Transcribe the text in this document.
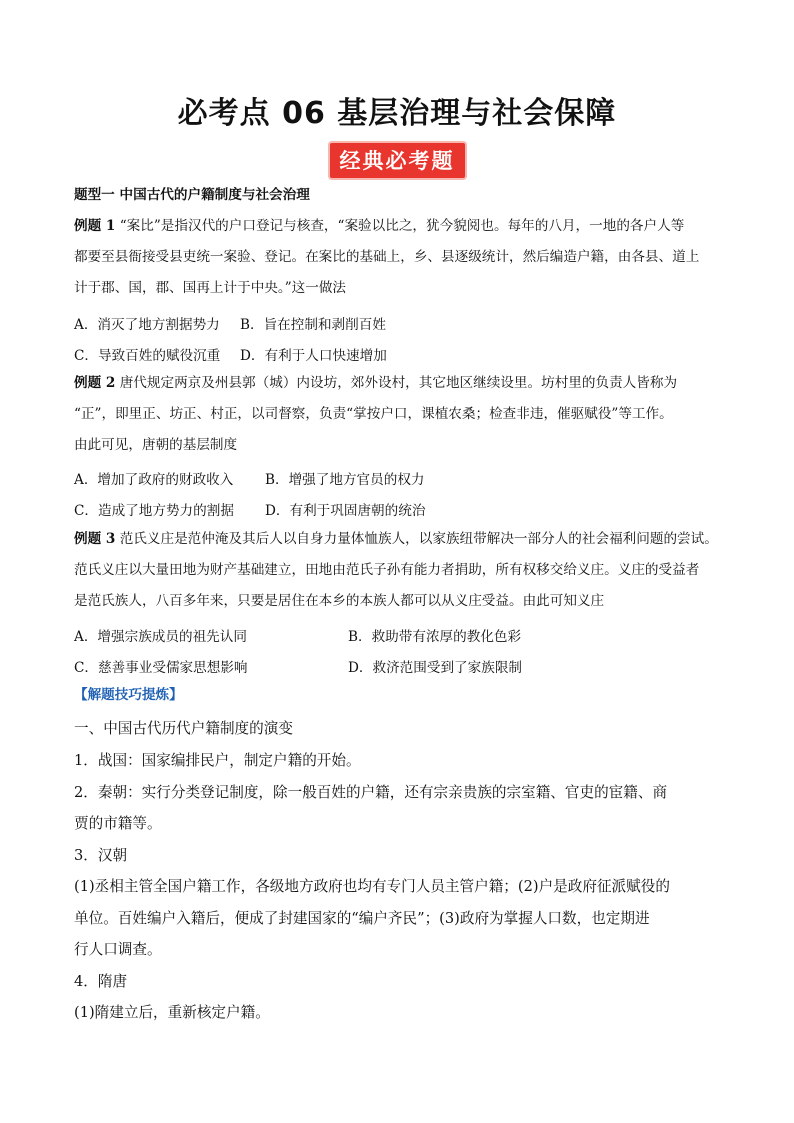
必考点 06 基层治理与社会保障
经典必考题
题型一 中国古代的户籍制度与社会治理
例题 1 “案比”是指汉代的户口登记与核查，“案验以比之，犹今貌阅也。每年的八月，一地的各户人等
都要至县衙接受县吏统一案验、登记。在案比的基础上，乡、县逐级统计，然后编造户籍，由各县、道上
计于郡、国，郡、国再上计于中央。”这一做法
A．消灭了地方割据势力 B．旨在控制和剥削百姓
C．导致百姓的赋役沉重 D．有利于人口快速增加
例题 2 唐代规定两京及州县郭（城）内设坊，郊外设村，其它地区继续设里。坊村里的负责人皆称为
“正”，即里正、坊正、村正，以司督察，负责“掌按户口，课植农桑；检查非违，催驱赋役”等工作。
由此可见，唐朝的基层制度
A．增加了政府的财政收入 B．增强了地方官员的权力
C．造成了地方势力的割据 D．有利于巩固唐朝的统治
例题 3 范氏义庄是范仲淹及其后人以自身力量体恤族人，以家族纽带解决一部分人的社会福利问题的尝试。
范氏义庄以大量田地为财产基础建立，田地由范氏子孙有能力者捐助，所有权移交给义庄。义庄的受益者
是范氏族人，八百多年来，只要是居住在本乡的本族人都可以从义庄受益。由此可知义庄
A．增强宗族成员的祖先认同	B．救助带有浓厚的教化色彩
C．慈善事业受儒家思想影响	D．救济范围受到了家族限制
【解题技巧提炼】
一、中国古代历代户籍制度的演变
1．战国：国家编排民户，制定户籍的开始。
2．秦朝：实行分类登记制度，除一般百姓的户籍，还有宗亲贵族的宗室籍、官吏的宦籍、商
贾的市籍等。
3．汉朝
(1)丞相主管全国户籍工作，各级地方政府也均有专门人员主管户籍；(2)户是政府征派赋役的
单位。百姓编户入籍后，便成了封建国家的“编户齐民”；(3)政府为掌握人口数，也定期进
行人口调查。
4．隋唐
(1)隋建立后，重新核定户籍。
